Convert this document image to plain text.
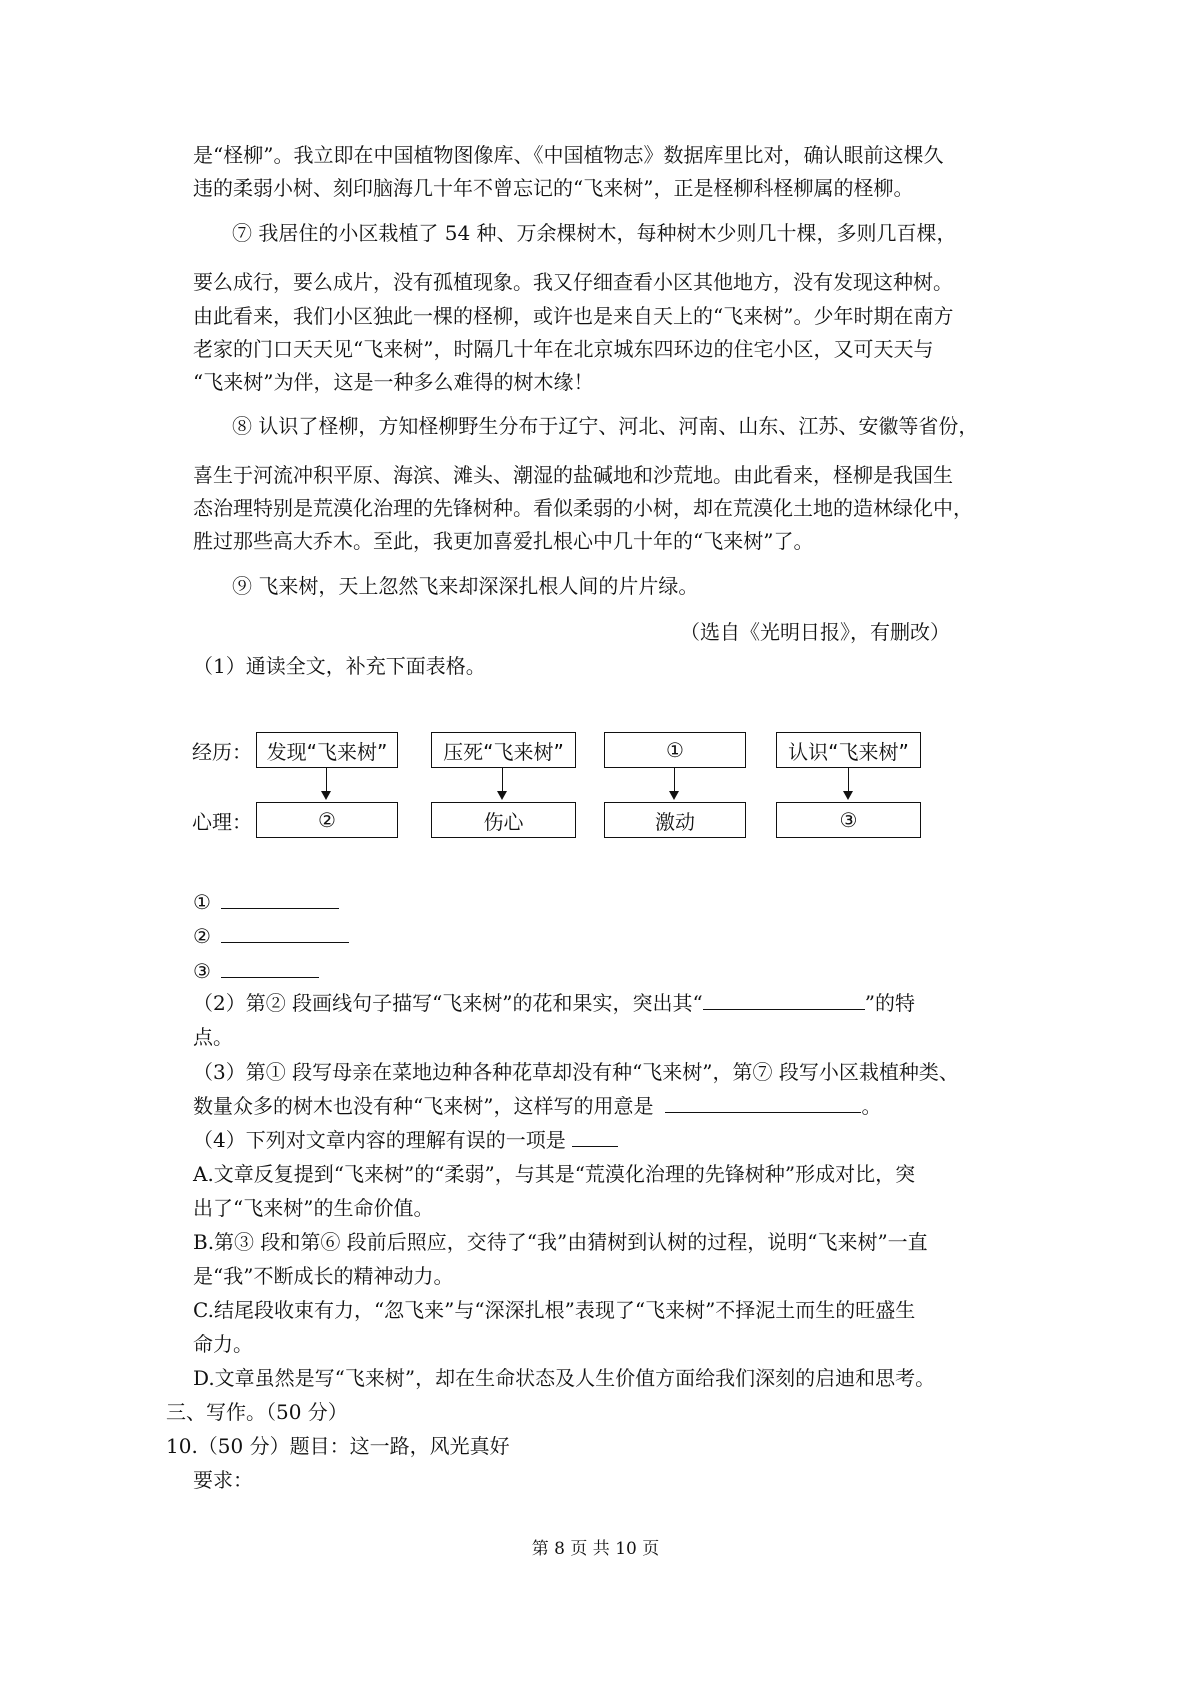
是“柽柳”。我立即在中国植物图像库、《中国植物志》数据库里比对，确认眼前这棵久
违的柔弱小树、刻印脑海几十年不曾忘记的“飞来树”，正是柽柳科柽柳属的柽柳。
⑦ 我居住的小区栽植了 54 种、万余棵树木，每种树木少则几十棵，多则几百棵，
要么成行，要么成片，没有孤植现象。我又仔细查看小区其他地方，没有发现这种树。
由此看来，我们小区独此一棵的柽柳，或许也是来自天上的“飞来树”。少年时期在南方
老家的门口天天见“飞来树”，时隔几十年在北京城东四环边的住宅小区，又可天天与
“飞来树”为伴，这是一种多么难得的树木缘！
⑧ 认识了柽柳，方知柽柳野生分布于辽宁、河北、河南、山东、江苏、安徽等省份，
喜生于河流冲积平原、海滨、滩头、潮湿的盐碱地和沙荒地。由此看来，柽柳是我国生
态治理特别是荒漠化治理的先锋树种。看似柔弱的小树，却在荒漠化土地的造林绿化中，
胜过那些高大乔木。至此，我更加喜爱扎根心中几十年的“飞来树”了。
⑨ 飞来树，天上忽然飞来却深深扎根人间的片片绿。
（选自《光明日报》，有删改）
（1）通读全文，补充下面表格。
经历：
心理：
发现“飞来树”	压死“飞来树”	①	认识“飞来树”
②	伤心	激动	③
①
②
③
（2）第② 段画线句子描写“飞来树”的花和果实，突出其“	”的特
点。
（3）第① 段写母亲在菜地边种各种花草却没有种“飞来树”，第⑦ 段写小区栽植种类、
数量众多的树木也没有种“飞来树”，这样写的用意是	。
（4）下列对文章内容的理解有误的一项是
A.文章反复提到“飞来树”的“柔弱”，与其是“荒漠化治理的先锋树种”形成对比，突
出了“飞来树”的生命价值。
B.第③ 段和第⑥ 段前后照应，交待了“我”由猜树到认树的过程，说明“飞来树”一直
是“我”不断成长的精神动力。
C.结尾段收束有力，“忽飞来”与“深深扎根”表现了“飞来树”不择泥土而生的旺盛生
命力。
D.文章虽然是写“飞来树”，却在生命状态及人生价值方面给我们深刻的启迪和思考。
三、写作。（50 分）
10.（50 分）题目：这一路，风光真好
要求：
第 8 页 共 10 页
